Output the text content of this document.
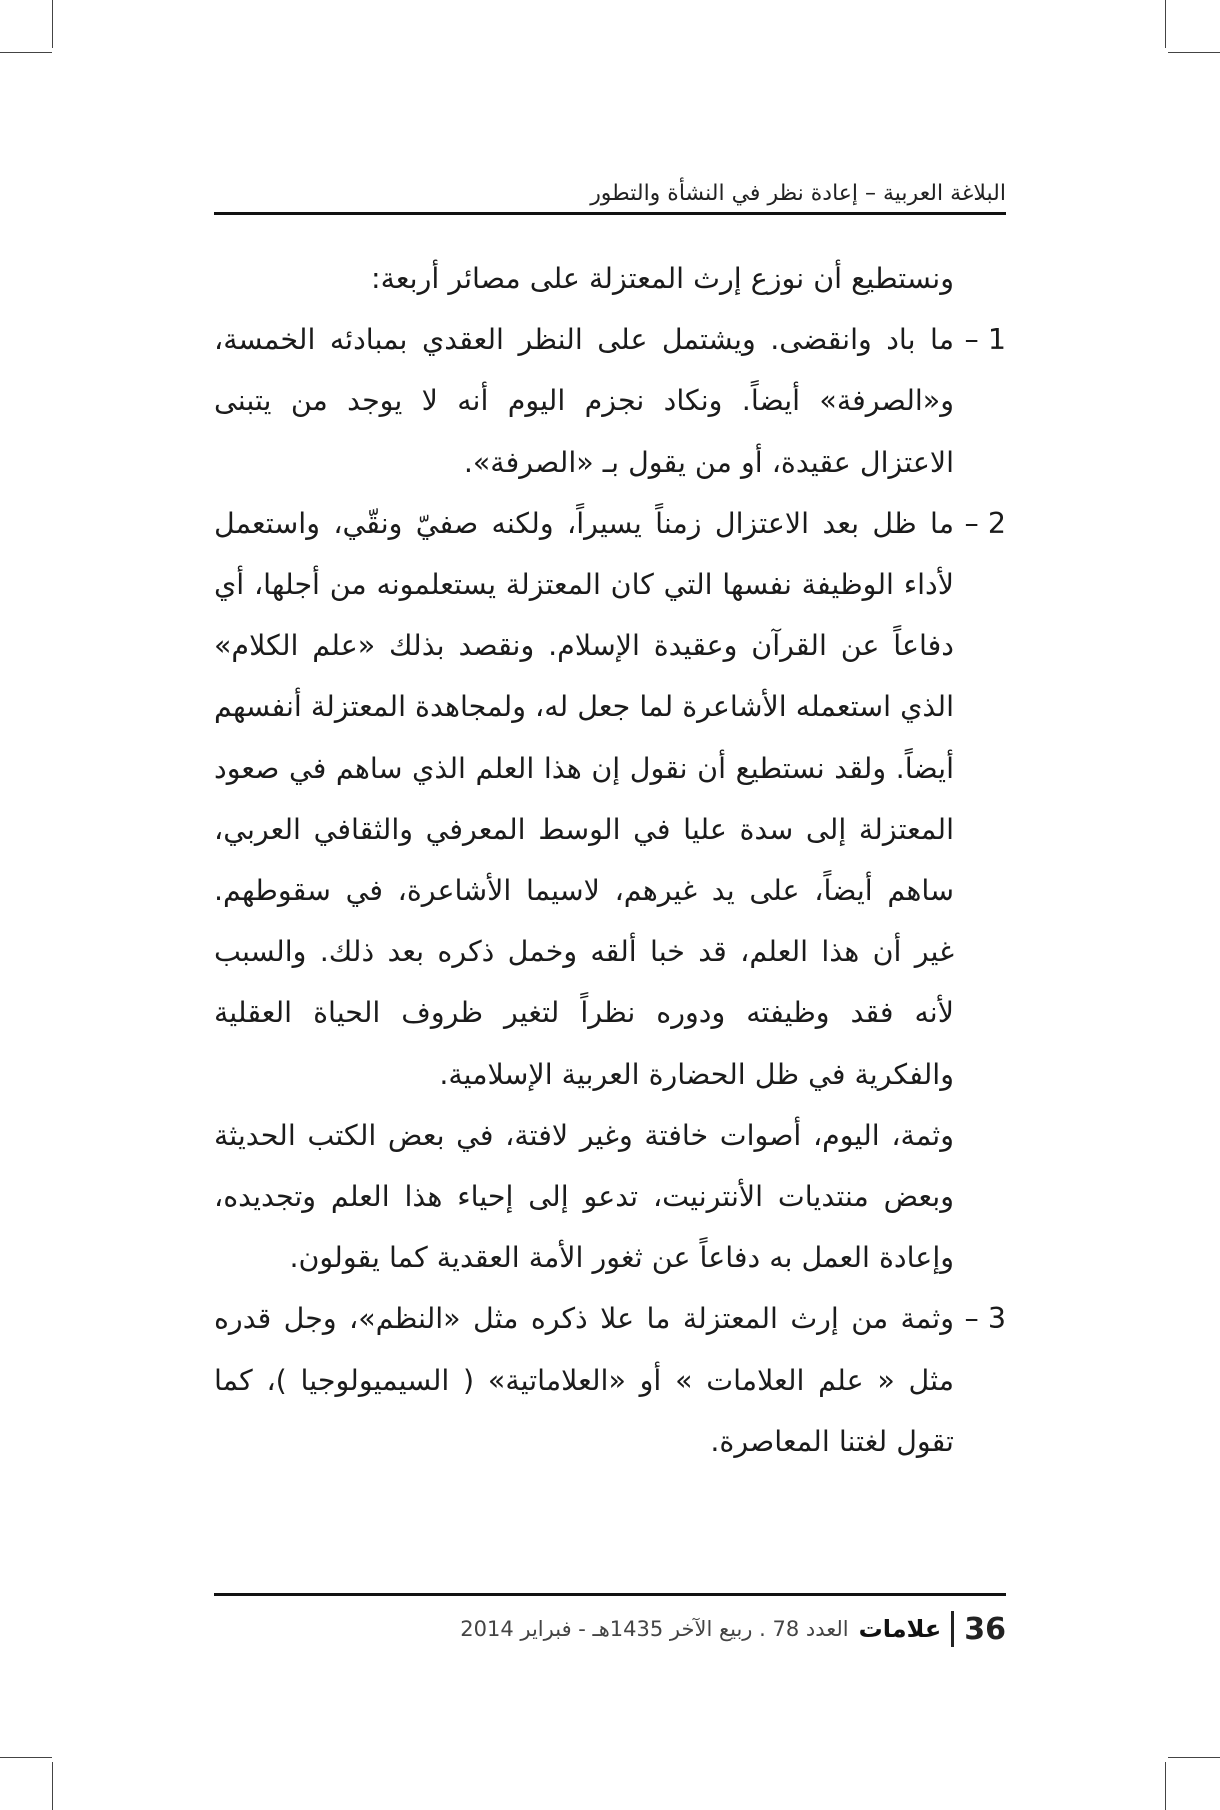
البلاغة العربية – إعادة نظر في النشأة والتطور
ونستطيع أن نوزع إرث المعتزلة على مصائر أربعة:
1 –
ما باد وانقضى. ويشتمل على النظر العقدي بمبادئه الخمسة، و«الصرفة» أيضاً. ونكاد نجزم اليوم أنه لا يوجد من يتبنى الاعتزال عقيدة، أو من يقول بـ «الصرفة».
2 –
ما ظل بعد الاعتزال زمناً يسيراً، ولكنه صفيّ ونقّي، واستعمل لأداء الوظيفة نفسها التي كان المعتزلة يستعلمونه من أجلها، أي دفاعاً عن القرآن وعقيدة الإسلام. ونقصد بذلك «علم الكلام» الذي استعمله الأشاعرة لما جعل له، ولمجاهدة المعتزلة أنفسهم أيضاً. ولقد نستطيع أن نقول إن هذا العلم الذي ساهم في صعود المعتزلة إلى سدة عليا في الوسط المعرفي والثقافي العربي، ساهم أيضاً، على يد غيرهم، لاسيما الأشاعرة، في سقوطهم. غير أن هذا العلم، قد خبا ألقه وخمل ذكره بعد ذلك. والسبب لأنه فقد وظيفته ودوره نظراً لتغير ظروف الحياة العقلية والفكرية في ظل الحضارة العربية الإسلامية.
وثمة، اليوم، أصوات خافتة وغير لافتة، في بعض الكتب الحديثة وبعض منتديات الأنترنيت، تدعو إلى إحياء هذا العلم وتجديده، وإعادة العمل به دفاعاً عن ثغور الأمة العقدية كما يقولون.
3 –
وثمة من إرث المعتزلة ما علا ذكره مثل «النظم»، وجل قدره مثل « علم العلامات » أو «العلاماتية» ( السيميولوجيا )، كما تقول لغتنا المعاصرة.
36
علامات
العدد 78 . ربيع الآخر 1435هـ - فبراير 2014
